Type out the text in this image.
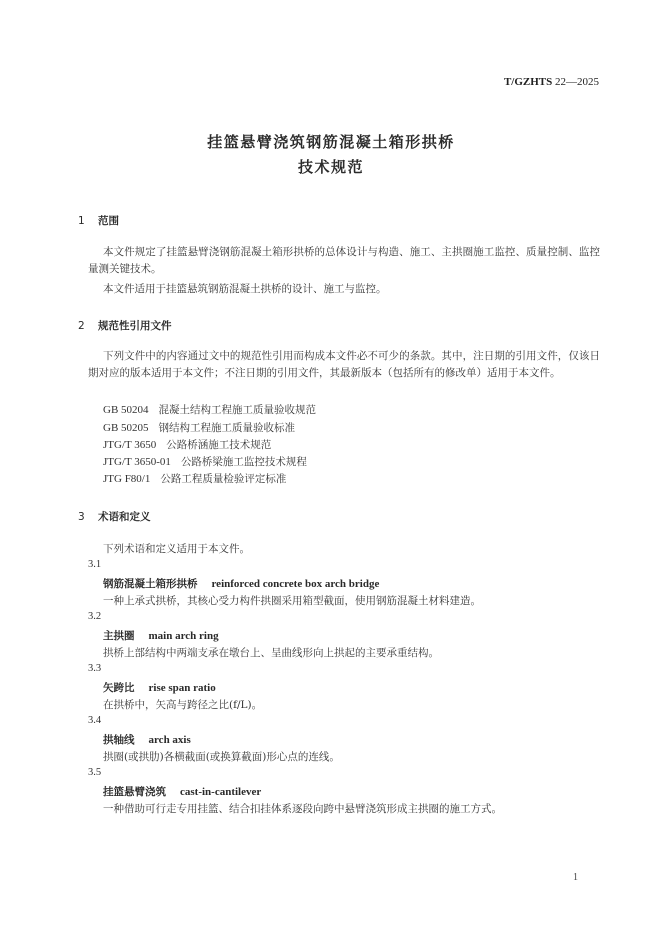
T/GZHTS 22—2025
挂篮悬臂浇筑钢筋混凝土箱形拱桥
技术规范
1 范围
本文件规定了挂篮悬臂浇钢筋混凝土箱形拱桥的总体设计与构造、施工、主拱圈施工监控、质量控制、监控量测关键技术。
本文件适用于挂篮悬筑钢筋混凝土拱桥的设计、施工与监控。
2 规范性引用文件
下列文件中的内容通过文中的规范性引用而构成本文件必不可少的条款。其中，注日期的引用文件，仅该日期对应的版本适用于本文件；不注日期的引用文件，其最新版本（包括所有的修改单）适用于本文件。
GB 50204 混凝土结构工程施工质量验收规范
GB 50205 钢结构工程施工质量验收标准
JTG/T 3650 公路桥涵施工技术规范
JTG/T 3650-01 公路桥梁施工监控技术规程
JTG F80/1 公路工程质量检验评定标准
3 术语和定义
下列术语和定义适用于本文件。
3.1
钢筋混凝土箱形拱桥 reinforced concrete box arch bridge
一种上承式拱桥，其核心受力构件拱圈采用箱型截面，使用钢筋混凝土材料建造。
3.2
主拱圈 main arch ring
拱桥上部结构中两端支承在墩台上、呈曲线形向上拱起的主要承重结构。
3.3
矢跨比 rise span ratio
在拱桥中，矢高与跨径之比(f/L)。
3.4
拱轴线 arch axis
拱圈(或拱肋)各横截面(或换算截面)形心点的连线。
3.5
挂篮悬臂浇筑 cast-in-cantilever
一种借助可行走专用挂篮、结合扣挂体系逐段向跨中悬臂浇筑形成主拱圈的施工方式。
1
